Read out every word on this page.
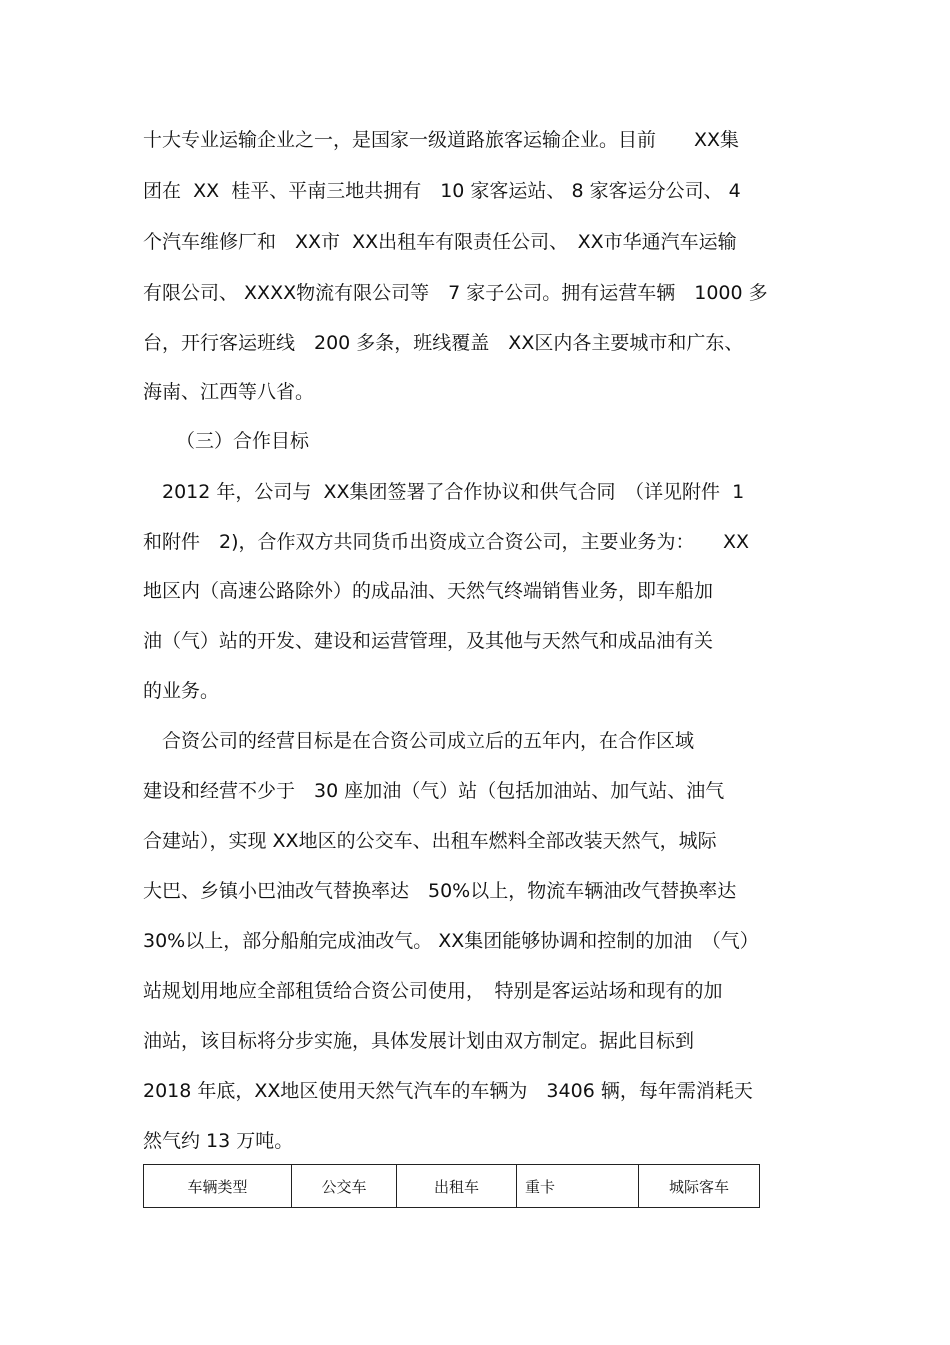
十大专业运输企业之一，是国家一级道路旅客运输企业。目前　　XX集
团在  XX  桂平、平南三地共拥有　10 家客运站、 8 家客运分公司、 4
个汽车维修厂和　XX市  XX出租车有限责任公司、　XX市华通汽车运输
有限公司、 XXXX物流有限公司等　7 家子公司。拥有运营车辆　1000 多
台，开行客运班线　200 多条，班线覆盖　XX区内各主要城市和广东、
海南、江西等八省。
（三）合作目标
　2012 年，公司与  XX集团签署了合作协议和供气合同　（详见附件  1
和附件　2)，合作双方共同货币出资成立合资公司，主要业务为：　　XX
地区内（高速公路除外）的成品油、天然气终端销售业务，即车船加
油（气）站的开发、建设和运营管理，及其他与天然气和成品油有关
的业务。
　合资公司的经营目标是在合资公司成立后的五年内，在合作区域
建设和经营不少于　30 座加油（气）站（包括加油站、加气站、油气
合建站），实现 XX地区的公交车、出租车燃料全部改装天然气，城际
大巴、乡镇小巴油改气替换率达　50%以上，物流车辆油改气替换率达
30%以上，部分船舶完成油改气。 XX集团能够协调和控制的加油　（气）
站规划用地应全部租赁给合资公司使用，　特别是客运站场和现有的加
油站，该目标将分步实施，具体发展计划由双方制定。据此目标到
2018 年底，XX地区使用天然气汽车的车辆为　3406 辆，每年需消耗天
然气约 13 万吨。
车辆类型	公交车	出租车	重卡	城际客车
